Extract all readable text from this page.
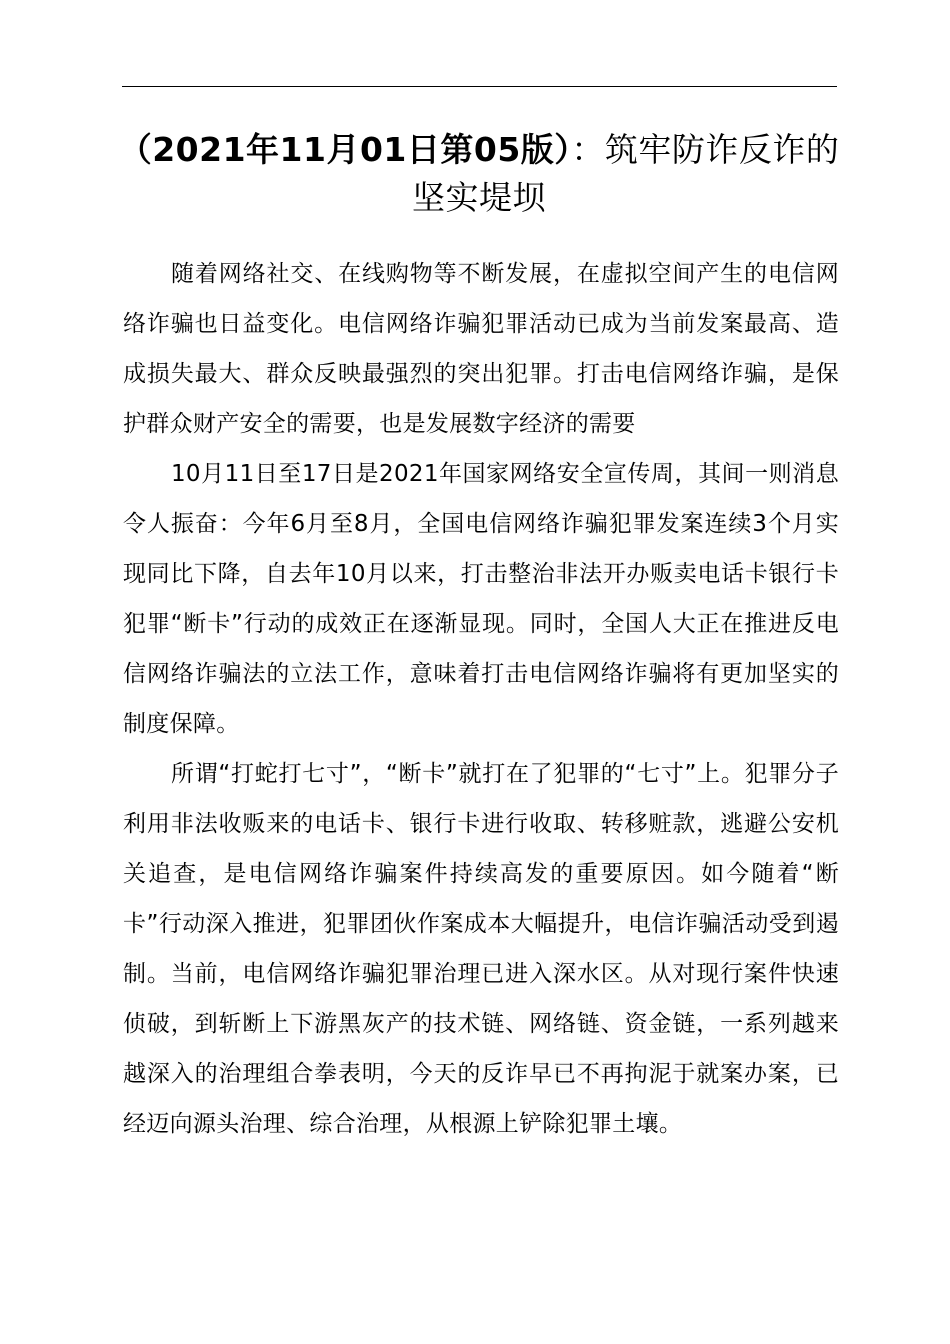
（2021年11月01日第05版）：筑牢防诈反诈的坚实堤坝

随着网络社交、在线购物等不断发展，在虚拟空间产生的电信网络诈骗也日益变化。电信网络诈骗犯罪活动已成为当前发案最高、造成损失最大、群众反映最强烈的突出犯罪。打击电信网络诈骗，是保护群众财产安全的需要，也是发展数字经济的需要

10月11日至17日是2021年国家网络安全宣传周，其间一则消息令人振奋：今年6月至8月，全国电信网络诈骗犯罪发案连续3个月实现同比下降，自去年10月以来，打击整治非法开办贩卖电话卡银行卡犯罪“断卡”行动的成效正在逐渐显现。同时，全国人大正在推进反电信网络诈骗法的立法工作，意味着打击电信网络诈骗将有更加坚实的制度保障。

所谓“打蛇打七寸”，“断卡”就打在了犯罪的“七寸”上。犯罪分子利用非法收贩来的电话卡、银行卡进行收取、转移赃款，逃避公安机关追查，是电信网络诈骗案件持续高发的重要原因。如今随着“断卡”行动深入推进，犯罪团伙作案成本大幅提升，电信诈骗活动受到遏制。当前，电信网络诈骗犯罪治理已进入深水区。从对现行案件快速侦破，到斩断上下游黑灰产的技术链、网络链、资金链，一系列越来越深入的治理组合拳表明，今天的反诈早已不再拘泥于就案办案，已经迈向源头治理、综合治理，从根源上铲除犯罪土壤。
